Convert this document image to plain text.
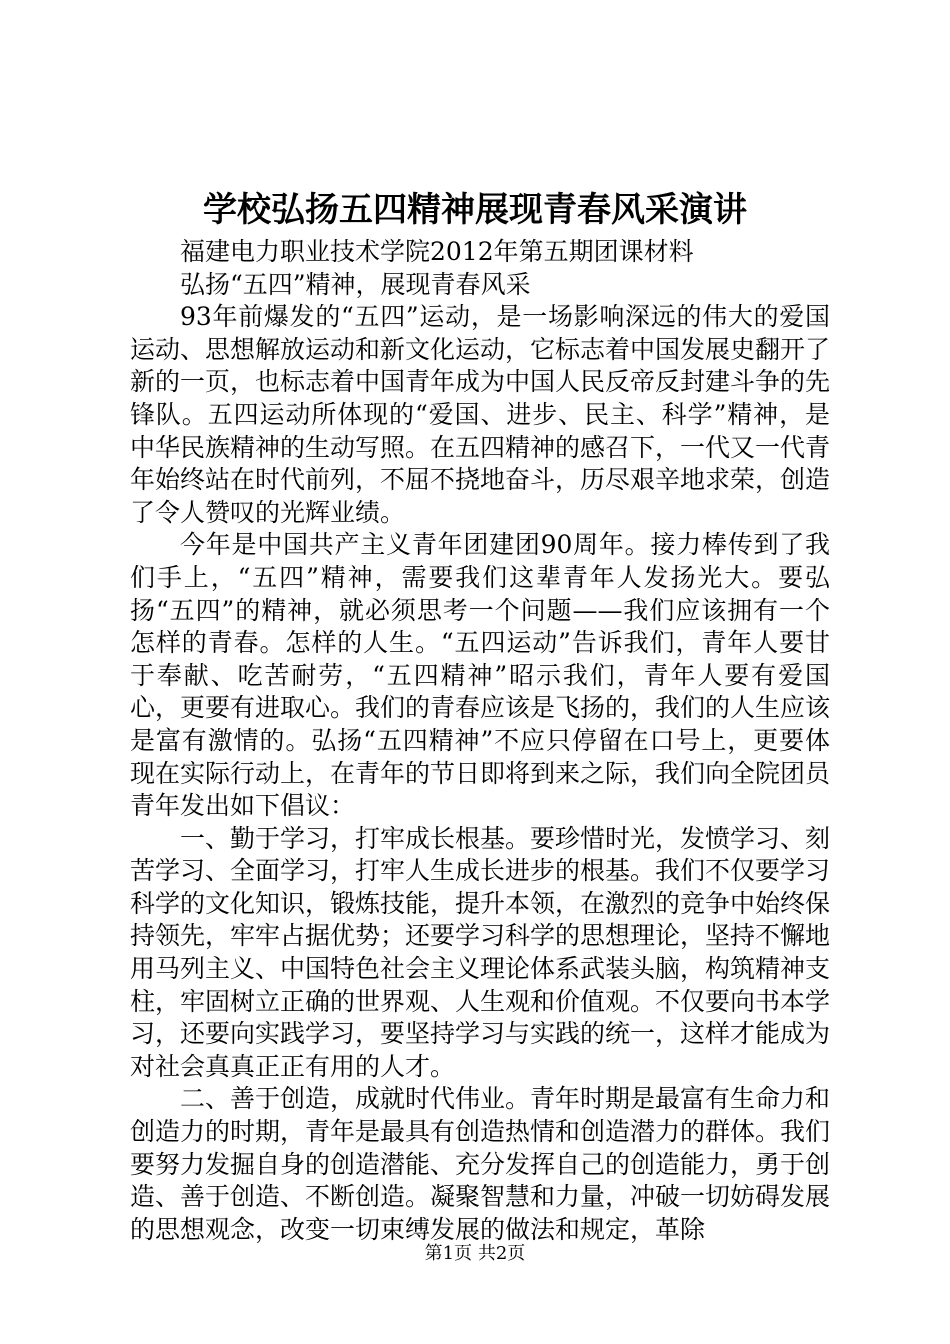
学校弘扬五四精神展现青春风采演讲

福建电力职业技术学院2012年第五期团课材料

弘扬“五四”精神，展现青春风采

93年前爆发的“五四”运动，是一场影响深远的伟大的爱国运动、思想解放运动和新文化运动，它标志着中国发展史翻开了新的一页，也标志着中国青年成为中国人民反帝反封建斗争的先锋队。五四运动所体现的“爱国、进步、民主、科学”精神，是中华民族精神的生动写照。在五四精神的感召下，一代又一代青年始终站在时代前列，不屈不挠地奋斗，历尽艰辛地求荣，创造了令人赞叹的光辉业绩。

今年是中国共产主义青年团建团90周年。接力棒传到了我们手上，“五四”精神，需要我们这辈青年人发扬光大。要弘扬“五四”的精神，就必须思考一个问题——我们应该拥有一个怎样的青春。怎样的人生。“五四运动”告诉我们，青年人要甘于奉献、吃苦耐劳，“五四精神”昭示我们，青年人要有爱国心，更要有进取心。我们的青春应该是飞扬的，我们的人生应该是富有激情的。弘扬“五四精神”不应只停留在口号上，更要体现在实际行动上，在青年的节日即将到来之际，我们向全院团员青年发出如下倡议：

一、勤于学习，打牢成长根基。要珍惜时光，发愤学习、刻苦学习、全面学习，打牢人生成长进步的根基。我们不仅要学习科学的文化知识，锻炼技能，提升本领，在激烈的竞争中始终保持领先，牢牢占据优势；还要学习科学的思想理论，坚持不懈地用马列主义、中国特色社会主义理论体系武装头脑，构筑精神支柱，牢固树立正确的世界观、人生观和价值观。不仅要向书本学习，还要向实践学习，要坚持学习与实践的统一，这样才能成为对社会真真正正有用的人才。

二、善于创造，成就时代伟业。青年时期是最富有生命力和创造力的时期，青年是最具有创造热情和创造潜力的群体。我们要努力发掘自身的创造潜能、充分发挥自己的创造能力，勇于创造、善于创造、不断创造。凝聚智慧和力量，冲破一切妨碍发展的思想观念，改变一切束缚发展的做法和规定，革除

第1页 共2页
